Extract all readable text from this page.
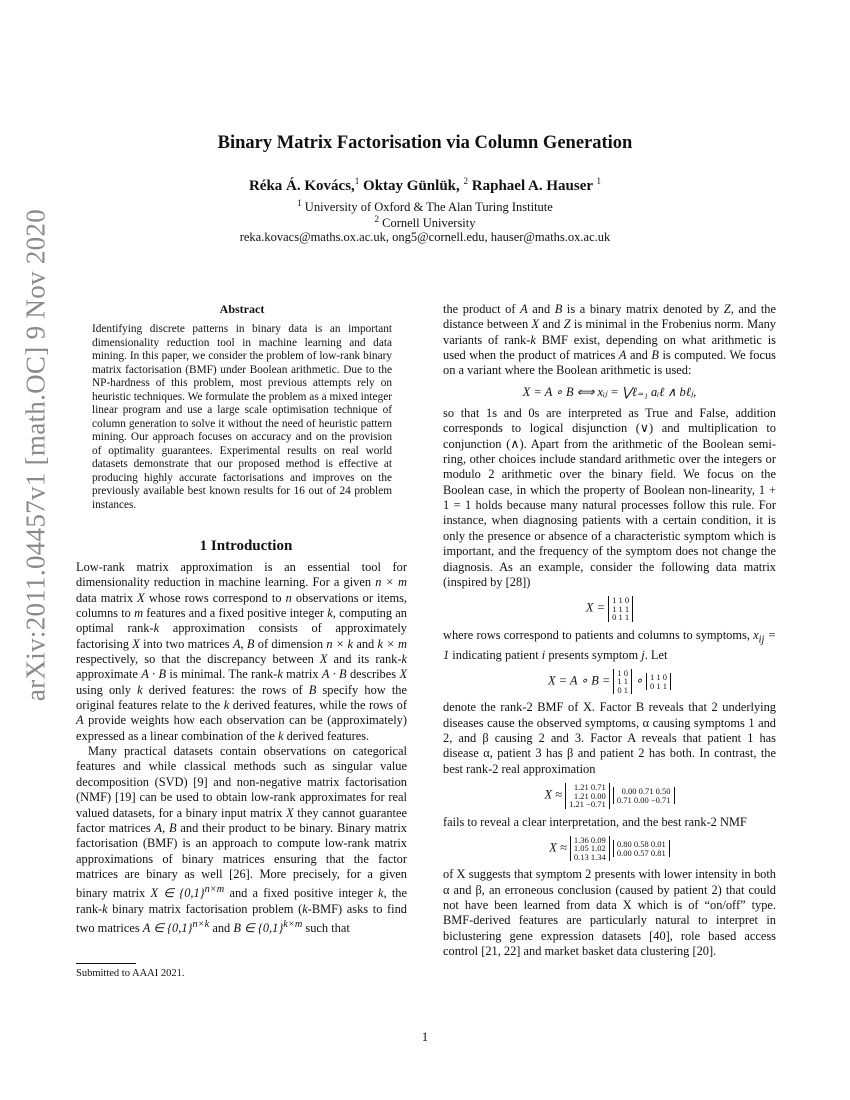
arXiv:2011.04457v1 [math.OC] 9 Nov 2020
Binary Matrix Factorisation via Column Generation
Réka Á. Kovács,$^1$ Oktay Günlük, $^2$ Raphael A. Hauser $^1$
$^1$ University of Oxford & The Alan Turing Institute
$^2$ Cornell University
reka.kovacs@maths.ox.ac.uk, ong5@cornell.edu, hauser@maths.ox.ac.uk
Abstract
Identifying discrete patterns in binary data is an important dimensionality reduction tool in machine learning and data mining. In this paper, we consider the problem of low-rank binary matrix factorisation (BMF) under Boolean arithmetic. Due to the NP-hardness of this problem, most previous attempts rely on heuristic techniques. We formulate the problem as a mixed integer linear program and use a large scale optimisation technique of column generation to solve it without the need of heuristic pattern mining. Our approach focuses on accuracy and on the provision of optimality guarantees. Experimental results on real world datasets demonstrate that our proposed method is effective at producing highly accurate factorisations and improves on the previously available best known results for 16 out of 24 problem instances.
1 Introduction

Low-rank matrix approximation is an essential tool for dimensionality reduction in machine learning. For a given n × m data matrix X whose rows correspond to n observations or items, columns to m features and a fixed positive integer k, computing an optimal rank-k approximation consists of approximately factorising X into two matrices A, B of dimension n × k and k × m respectively, so that the discrepancy between X and its rank-k approximate A · B is minimal. The rank-k matrix A · B describes X using only k derived features: the rows of B specify how the original features relate to the k derived features, while the rows of A provide weights how each observation can be (approximately) expressed as a linear combination of the k derived features.

Many practical datasets contain observations on categorical features and while classical methods such as singular value decomposition (SVD) [9] and non-negative matrix factorisation (NMF) [19] can be used to obtain low-rank approximates for real valued datasets, for a binary input matrix X they cannot guarantee factor matrices A, B and their product to be binary. Binary matrix factorisation (BMF) is an approach to compute low-rank matrix approximations of binary matrices ensuring that the factor matrices are binary as well [26]. More precisely, for a given binary matrix X ∈ $\{0,1\}^{n\times m}$ and a fixed positive integer k, the rank-k binary matrix factorisation problem (k-BMF) asks to find two matrices A ∈ $\{0,1\}^{n\times k}$ and B ∈ $\{0,1\}^{k\times m}$ such that

the product of A and B is a binary matrix denoted by Z, and the distance between X and Z is minimal in the Frobenius norm. Many variants of rank-k BMF exist, depending on what arithmetic is used when the product of matrices A and B is computed. We focus on a variant where the Boolean arithmetic is used:

X = A ∘ B ⟺ xᵢⱼ = ⋁ℓ₌₁ aᵢℓ ∧ bℓⱼ,

so that 1s and 0s are interpreted as True and False, addition corresponds to logical disjunction (∨) and multiplication to conjunction (∧). Apart from the arithmetic of the Boolean semi-ring, other choices include standard arithmetic over the integers or modulo 2 arithmetic over the binary field. We focus on the Boolean case, in which the property of Boolean non-linearity, 1 + 1 = 1 holds because many natural processes follow this rule. For instance, when diagnosing patients with a certain condition, it is only the presence or absence of a characteristic symptom which is important, and the frequency of the symptom does not change the diagnosis. As an example, consider the following data matrix (inspired by [28])

X =
1 1 0
1 1 1
0 1 1

where rows correspond to patients and columns to symptoms, $x_{ij} = 1$ indicating patient i presents symptom j. Let

X = A ∘ B =
1 0
1 1
0 1
∘ 1 1 0
0 1 1

denote the rank-2 BMF of X. Factor B reveals that 2 underlying diseases cause the observed symptoms, α causing symptoms 1 and 2, and β causing 2 and 3. Factor A reveals that patient 1 has disease α, patient 3 has β and patient 2 has both. In contrast, the best rank-2 real approximation

X ≈
1.21 0.71
1.21 0.00
1.21 −0.71

0.00 0.71 0.50
0.71 0.00 −0.71

fails to reveal a clear interpretation, and the best rank-2 NMF

X ≈
1.36 0.09
1.05 1.02
0.13 1.34

0.80 0.58 0.01
0.00 0.57 0.81

of X suggests that symptom 2 presents with lower intensity in both α and β, an erroneous conclusion (caused by patient 2) that could not have been learned from data X which is of “on/off” type. BMF-derived features are particularly natural to interpret in biclustering gene expression datasets [40], role based access control [21, 22] and market basket data clustering [20].

Submitted to AAAI 2021.
1
